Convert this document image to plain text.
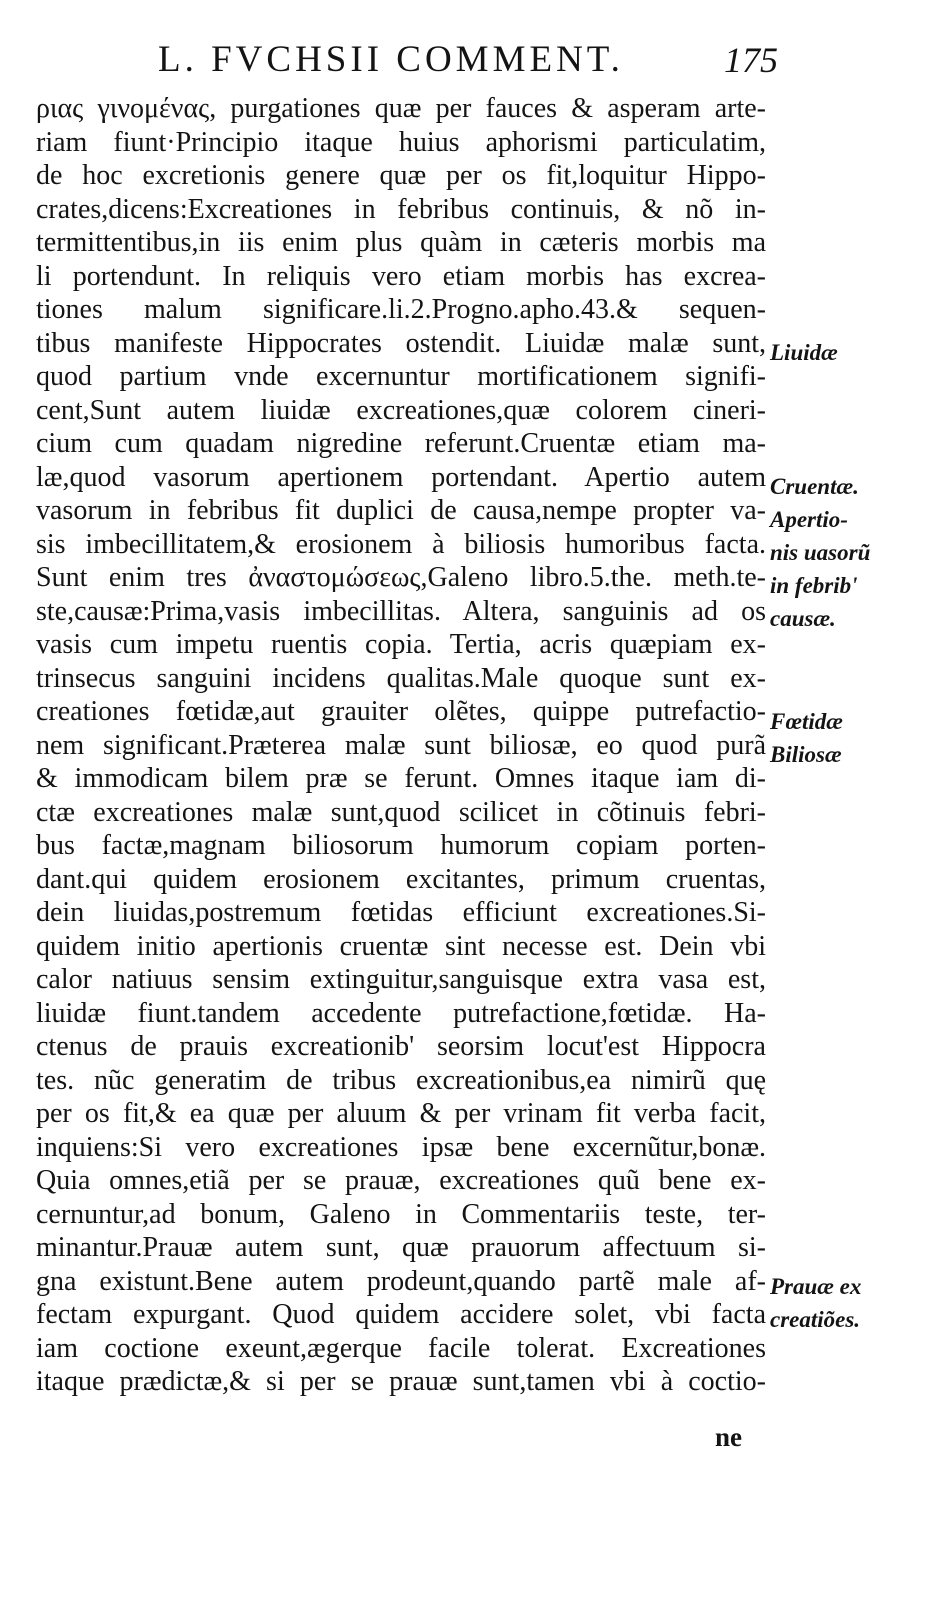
L. FVCHSII COMMENT.	175
ριας γινομένας, purgationes quæ per fauces & asperam arte-
riam fiunt·Principio itaque huius aphorismi particulatim,
de hoc excretionis genere quæ per os fit,loquitur Hippo-
crates,dicens:Excreationes in febribus continuis, & nõ in-
termittentibus,in iis enim plus quàm in cæteris morbis ma
li portendunt. In reliquis vero etiam morbis has excrea-
tiones malum significare.li.2.Progno.apho.43.& sequen-
tibus manifeste Hippocrates ostendit. Liuidæ malæ sunt,
quod partium vnde excernuntur mortificationem signifi-
cent,Sunt autem liuidæ excreationes,quæ colorem cineri-
cium cum quadam nigredine referunt.Cruentæ etiam ma-
læ,quod vasorum apertionem portendant. Apertio autem
vasorum in febribus fit duplici de causa,nempe propter va-
sis imbecillitatem,& erosionem à biliosis humoribus facta.
Sunt enim tres ἀναστομώσεως,Galeno libro.5.the. meth.te-
ste,causæ:Prima,vasis imbecillitas. Altera, sanguinis ad os
vasis cum impetu ruentis copia. Tertia, acris quæpiam ex-
trinsecus sanguini incidens qualitas.Male quoque sunt ex-
creationes fœtidæ,aut grauiter olẽtes, quippe putrefactio-
nem significant.Præterea malæ sunt biliosæ, eo quod purã
& immodicam bilem præ se ferunt. Omnes itaque iam di-
ctæ excreationes malæ sunt,quod scilicet in cõtinuis febri-
bus factæ,magnam biliosorum humorum copiam porten-
dant.qui quidem erosionem excitantes, primum cruentas,
dein liuidas,postremum fœtidas efficiunt excreationes.Si-
quidem initio apertionis cruentæ sint necesse est. Dein vbi
calor natiuus sensim extinguitur,sanguisque extra vasa est,
liuidæ fiunt.tandem accedente putrefactione,fœtidæ. Ha-
ctenus de prauis excreationib' seorsim locut'est Hippocra
tes. nũc generatim de tribus excreationibus,ea nimirũ quę
per os fit,& ea quæ per aluum & per vrinam fit verba facit,
inquiens:Si vero excreationes ipsæ bene excernũtur,bonæ.
Quia omnes,etiã per se prauæ, excreationes quũ bene ex-
cernuntur,ad bonum, Galeno in Commentariis teste, ter-
minantur.Prauæ autem sunt, quæ prauorum affectuum si-
gna existunt.Bene autem prodeunt,quando partẽ male af-
fectam expurgant. Quod quidem accidere solet, vbi facta
iam coctione exeunt,ægerque facile tolerat. Excreationes
itaque prædictæ,& si per se prauæ sunt,tamen vbi à coctio-
ne
Liuidæ
Cruentæ.
Apertio-
nis uasorũ
in febrib'
causæ.
Fœtidæ
Biliosæ
Prauæ ex
creatiões.
